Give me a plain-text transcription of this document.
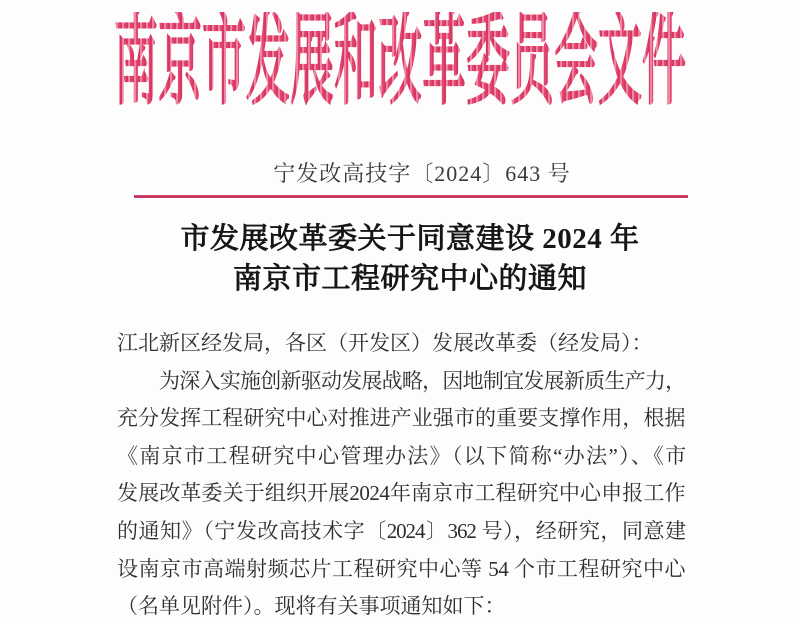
南京市发展和改革委员会文件
宁发改高技字〔2024〕643 号
市发展改革委关于同意建设 2024 年
南京市工程研究中心的通知
江北新区经发局，各区（开发区）发展改革委（经发局）：
为深入实施创新驱动发展战略，因地制宜发展新质生产力，
充分发挥工程研究中心对推进产业强市的重要支撑作用，根据
《南京市工程研究中心管理办法》（以下简称“办法”）、《市
发展改革委关于组织开展2024年南京市工程研究中心申报工作
的通知》（宁发改高技术字〔2024〕362 号），经研究，同意建
设南京市高端射频芯片工程研究中心等 54 个市工程研究中心
（名单见附件）。现将有关事项通知如下：
